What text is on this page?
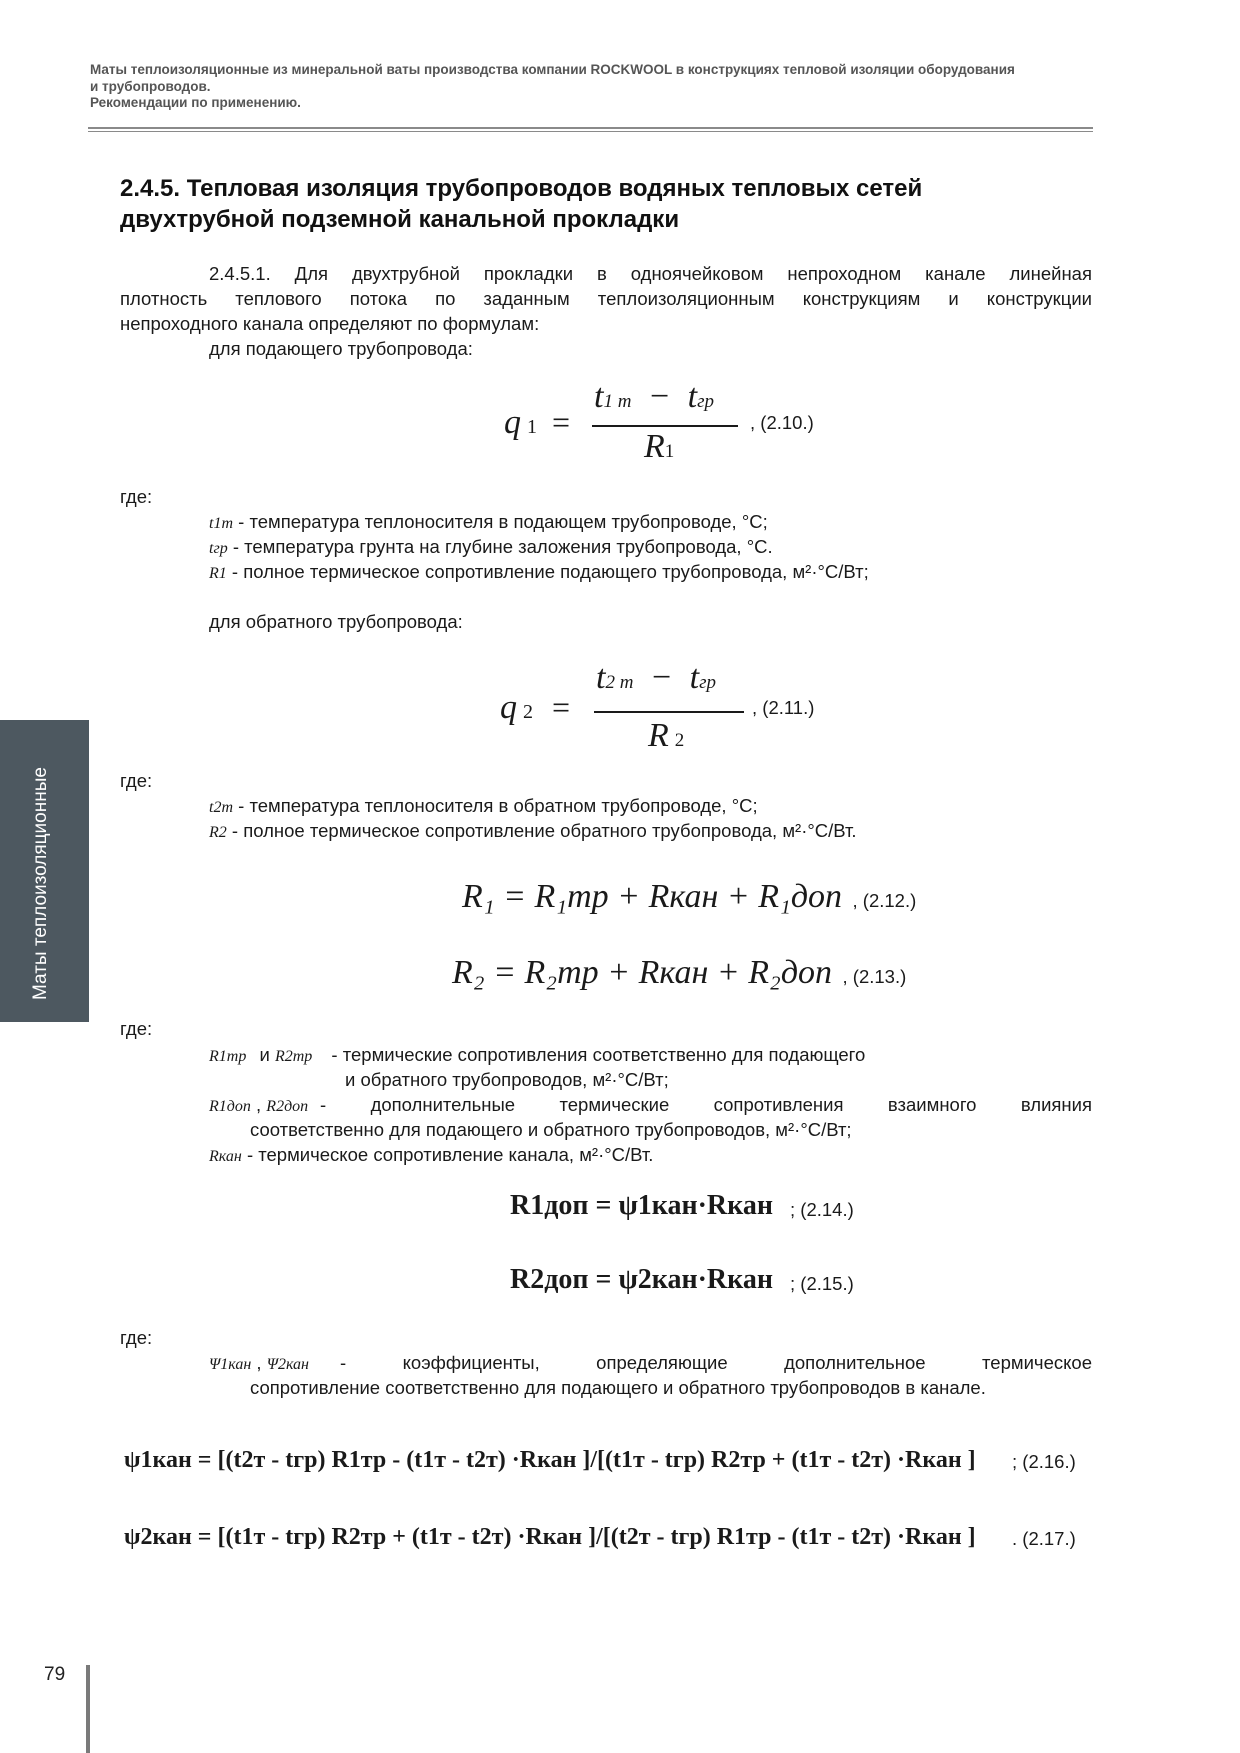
Маты теплоизоляционные из минеральной ваты производства компании ROCKWOOL в конструкциях тепловой изоляции оборудования
и трубопроводов.
Рекомендации по применению.
2.4.5. Тепловая изоляция трубопроводов водяных тепловых сетей
двухтрубной подземной канальной прокладки
2.4.5.1. Для двухтрубной прокладки в одноячейковом непроходном канале линейная
плотность теплового потока по заданным теплоизоляционным конструкциям и конструкции
непроходного канала определяют по формулам:
для подающего трубопровода:
q 1 =
t1 т − tгр
R1
, (2.10.)
где:
t1т - температура теплоносителя в подающем трубопроводе, °С;
tгр - температура грунта на глубине заложения трубопровода, °С.
R1 - полное термическое сопротивление подающего трубопровода, м²·°С/Вт;
для обратного трубопровода:
q 2 =
t2 т − tгр
R 2
, (2.11.)
где:
t2т - температура теплоносителя в обратном трубопроводе, °С;
R2 - полное термическое сопротивление обратного трубопровода, м²·°С/Вт.
R₁ = R₁тр + Rкан + R₁доп , (2.12.)
R₂ = R₂тр + Rкан + R₂доп , (2.13.)
где:
R1тр и R2тр - термические сопротивления соответственно для подающего
и обратного трубопроводов, м²·°С/Вт;
R1доп , R2доп - дополнительные термические сопротивления взаимного влияния
соответственно для подающего и обратного трубопроводов, м²·°С/Вт;
Rкан - термическое сопротивление канала, м²·°С/Вт.
R1доп = ψ1кан·Rкан ; (2.14.)
R2доп = ψ2кан·Rкан ; (2.15.)
где:
Ψ1кан , Ψ2кан - коэффициенты, определяющие дополнительное термическое
сопротивление соответственно для подающего и обратного трубопроводов в канале.
ψ1кан = [(t2т - tгр) R1тр - (t1т - t2т) ·Rкан ]/[(t1т - tгр) R2тр + (t1т - t2т) ·Rкан ]	; (2.16.)
ψ2кан = [(t1т - tгр) R2тр + (t1т - t2т) ·Rкан ]/[(t2т - tгр) R1тр - (t1т - t2т) ·Rкан ]	. (2.17.)
Маты теплоизоляционные
79
